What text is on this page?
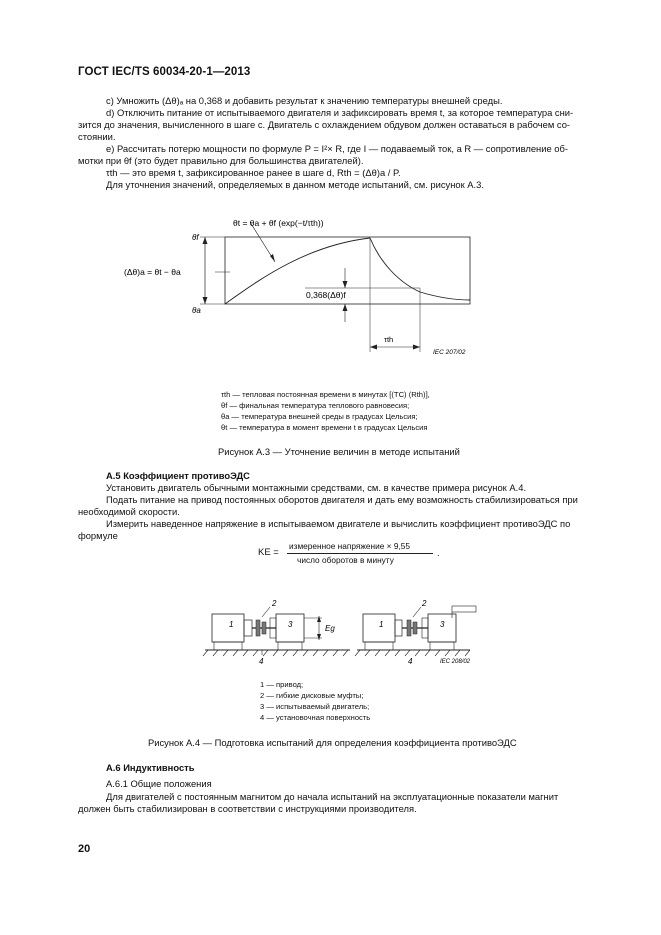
ГОСТ IEC/TS 60034-20-1—2013
c) Умножить (Δθ)ₐ на 0,368 и добавить результат к значению температуры внешней среды.
d) Отключить питание от испытываемого двигателя и зафиксировать время t, за которое температура сни-
зится до значения, вычисленного в шаге c. Двигатель с охлаждением обдувом должен оставаться в рабочем со-
стоянии.
e) Рассчитать потерю мощности по формуле P = I²× R, где I — подаваемый ток, а R — сопротивление об-
мотки при θf (это будет правильно для большинства двигателей).
τth — это время t, зафиксированное ранее в шаге d, Rth = (Δθ)a / P.
Для уточнения значений, определяемых в данном методе испытаний, см. рисунок A.3.
θt = θa + θf (exp(−t/τth))
θf
θa
(Δθ)a = θt − θa
0,368(Δθ)f
τth
IEC 207/02
τth — тепловая постоянная времени в минутах [(TC) (Rth)],
θf — финальная температура теплового равновесия;
θa — температура внешней среды в градусах Цельсия;
θt — температура в момент времени t в градусах Цельсия
Рисунок A.3 — Уточнение величин в методе испытаний
A.5 Коэффициент противоЭДС
Установить двигатель обычными монтажными средствами, см. в качестве примера рисунок A.4.
Подать питание на привод постоянных оборотов двигателя и дать ему возможность стабилизироваться при
необходимой скорости.
Измерить наведенное напряжение в испытываемом двигателе и вычислить коэффициент противоЭДС по
формуле
KE =
измеренное напряжение × 9,55
число оборотов в минуту
.
1
2
3	Eg
4
1
2
3
4	IEC 208/02
1 — привод;
2 — гибкие дисковые муфты;
3 — испытываемый двигатель;
4 — установочная поверхность
Рисунок A.4 — Подготовка испытаний для определения коэффициента противоЭДС
A.6 Индуктивность
A.6.1 Общие положения
Для двигателей с постоянным магнитом до начала испытаний на эксплуатационные показатели магнит
должен быть стабилизирован в соответствии с инструкциями производителя.
20
